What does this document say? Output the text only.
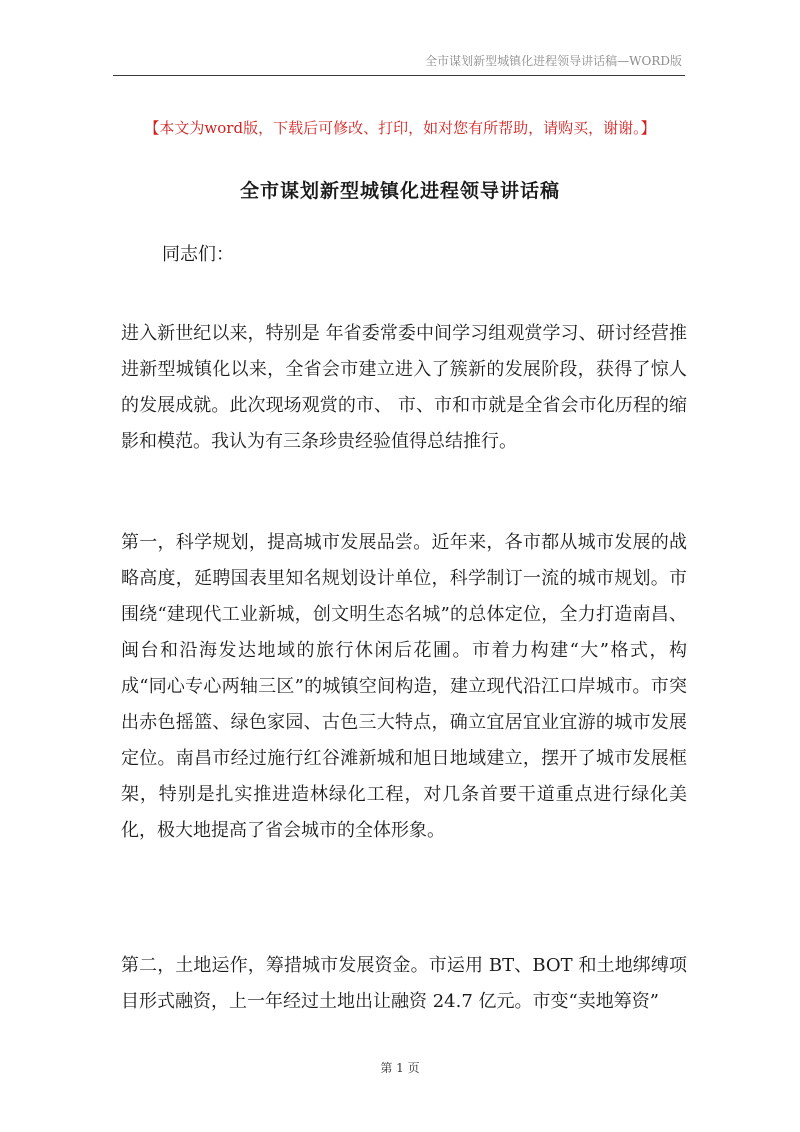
全市谋划新型城镇化进程领导讲话稿—WORD版
【本文为word版，下载后可修改、打印，如对您有所帮助，请购买，谢谢。】
全市谋划新型城镇化进程领导讲话稿
同志们：

进入新世纪以来，特别是 年省委常委中间学习组观赏学习、研讨经营推进新型城镇化以来，全省会市建立进入了簇新的发展阶段，获得了惊人的发展成就。此次现场观赏的市、 市、市和市就是全省会市化历程的缩影和模范。我认为有三条珍贵经验值得总结推行。

第一，科学规划，提高城市发展品尝。近年来，各市都从城市发展的战略高度，延聘国表里知名规划设计单位，科学制订一流的城市规划。市围绕“建现代工业新城，创文明生态名城”的总体定位，全力打造南昌、闽台和沿海发达地域的旅行休闲后花圃。市着力构建“大”格式，构成“同心专心两轴三区”的城镇空间构造，建立现代沿江口岸城市。市突出赤色摇篮、绿色家园、古色三大特点，确立宜居宜业宜游的城市发展定位。南昌市经过施行红谷滩新城和旭日地域建立，摆开了城市发展框架，特别是扎实推进造林绿化工程，对几条首要干道重点进行绿化美化，极大地提高了省会城市的全体形象。

第二，土地运作，筹措城市发展资金。市运用 BT、BOT 和土地绑缚项目形式融资，上一年经过土地出让融资 24.7 亿元。市变“卖地筹资”

第 1 页
